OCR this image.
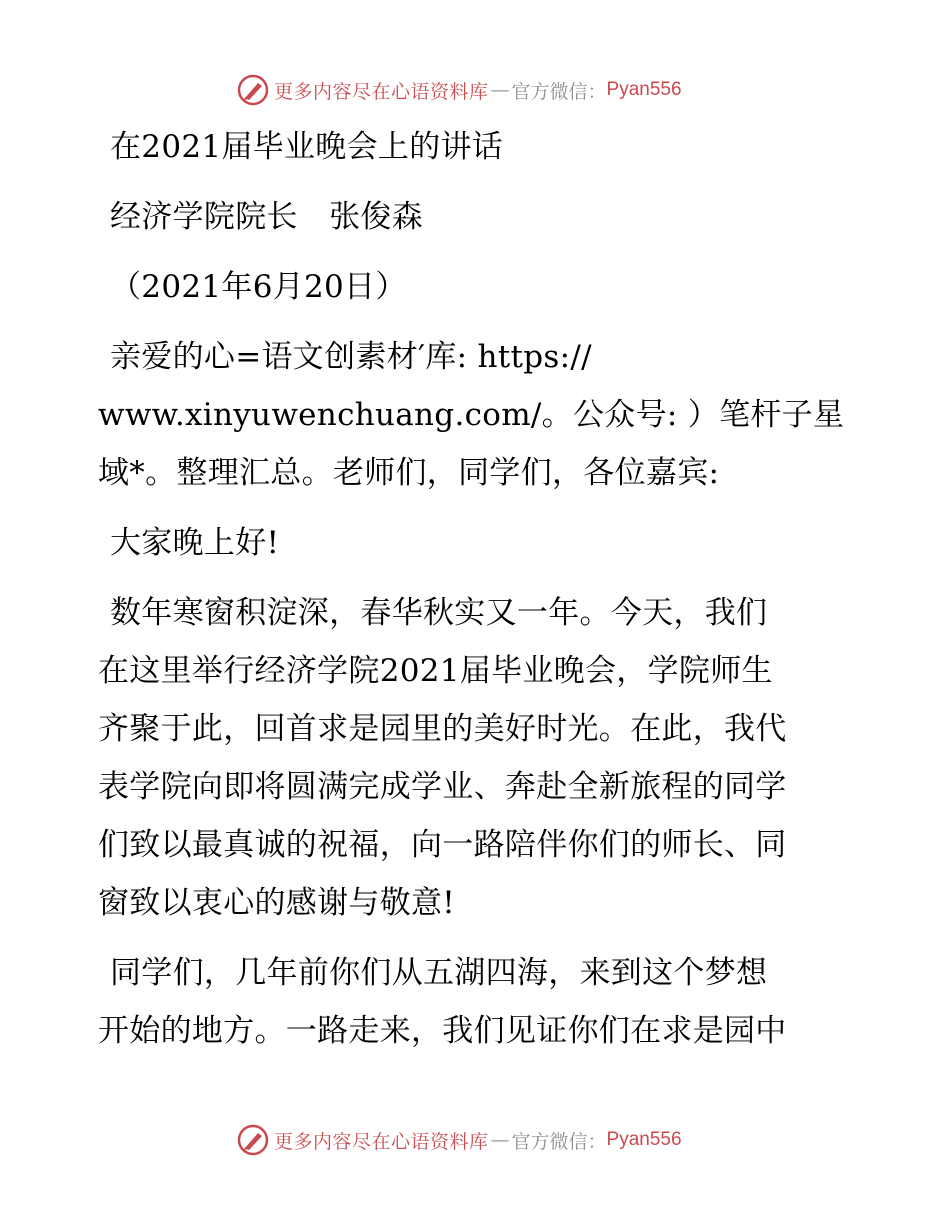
更多内容尽在心语资料库 — 官方微信： Pyan556
在2021届毕业晚会上的讲话
经济学院院长　张俊森
（2021年6月20日）
亲爱的心=语文创素材′库: https://
www.xinyuwenchuang.com/。公众号: ）笔杆子星
域*。整理汇总。老师们，同学们，各位嘉宾:
大家晚上好!
数年寒窗积淀深，春华秋实又一年。今天，我们
在这里举行经济学院2021届毕业晚会，学院师生
齐聚于此，回首求是园里的美好时光。在此，我代
表学院向即将圆满完成学业、奔赴全新旅程的同学
们致以最真诚的祝福，向一路陪伴你们的师长、同
窗致以衷心的感谢与敬意!
同学们，几年前你们从五湖四海，来到这个梦想
开始的地方。一路走来，我们见证你们在求是园中
更多内容尽在心语资料库 — 官方微信： Pyan556
